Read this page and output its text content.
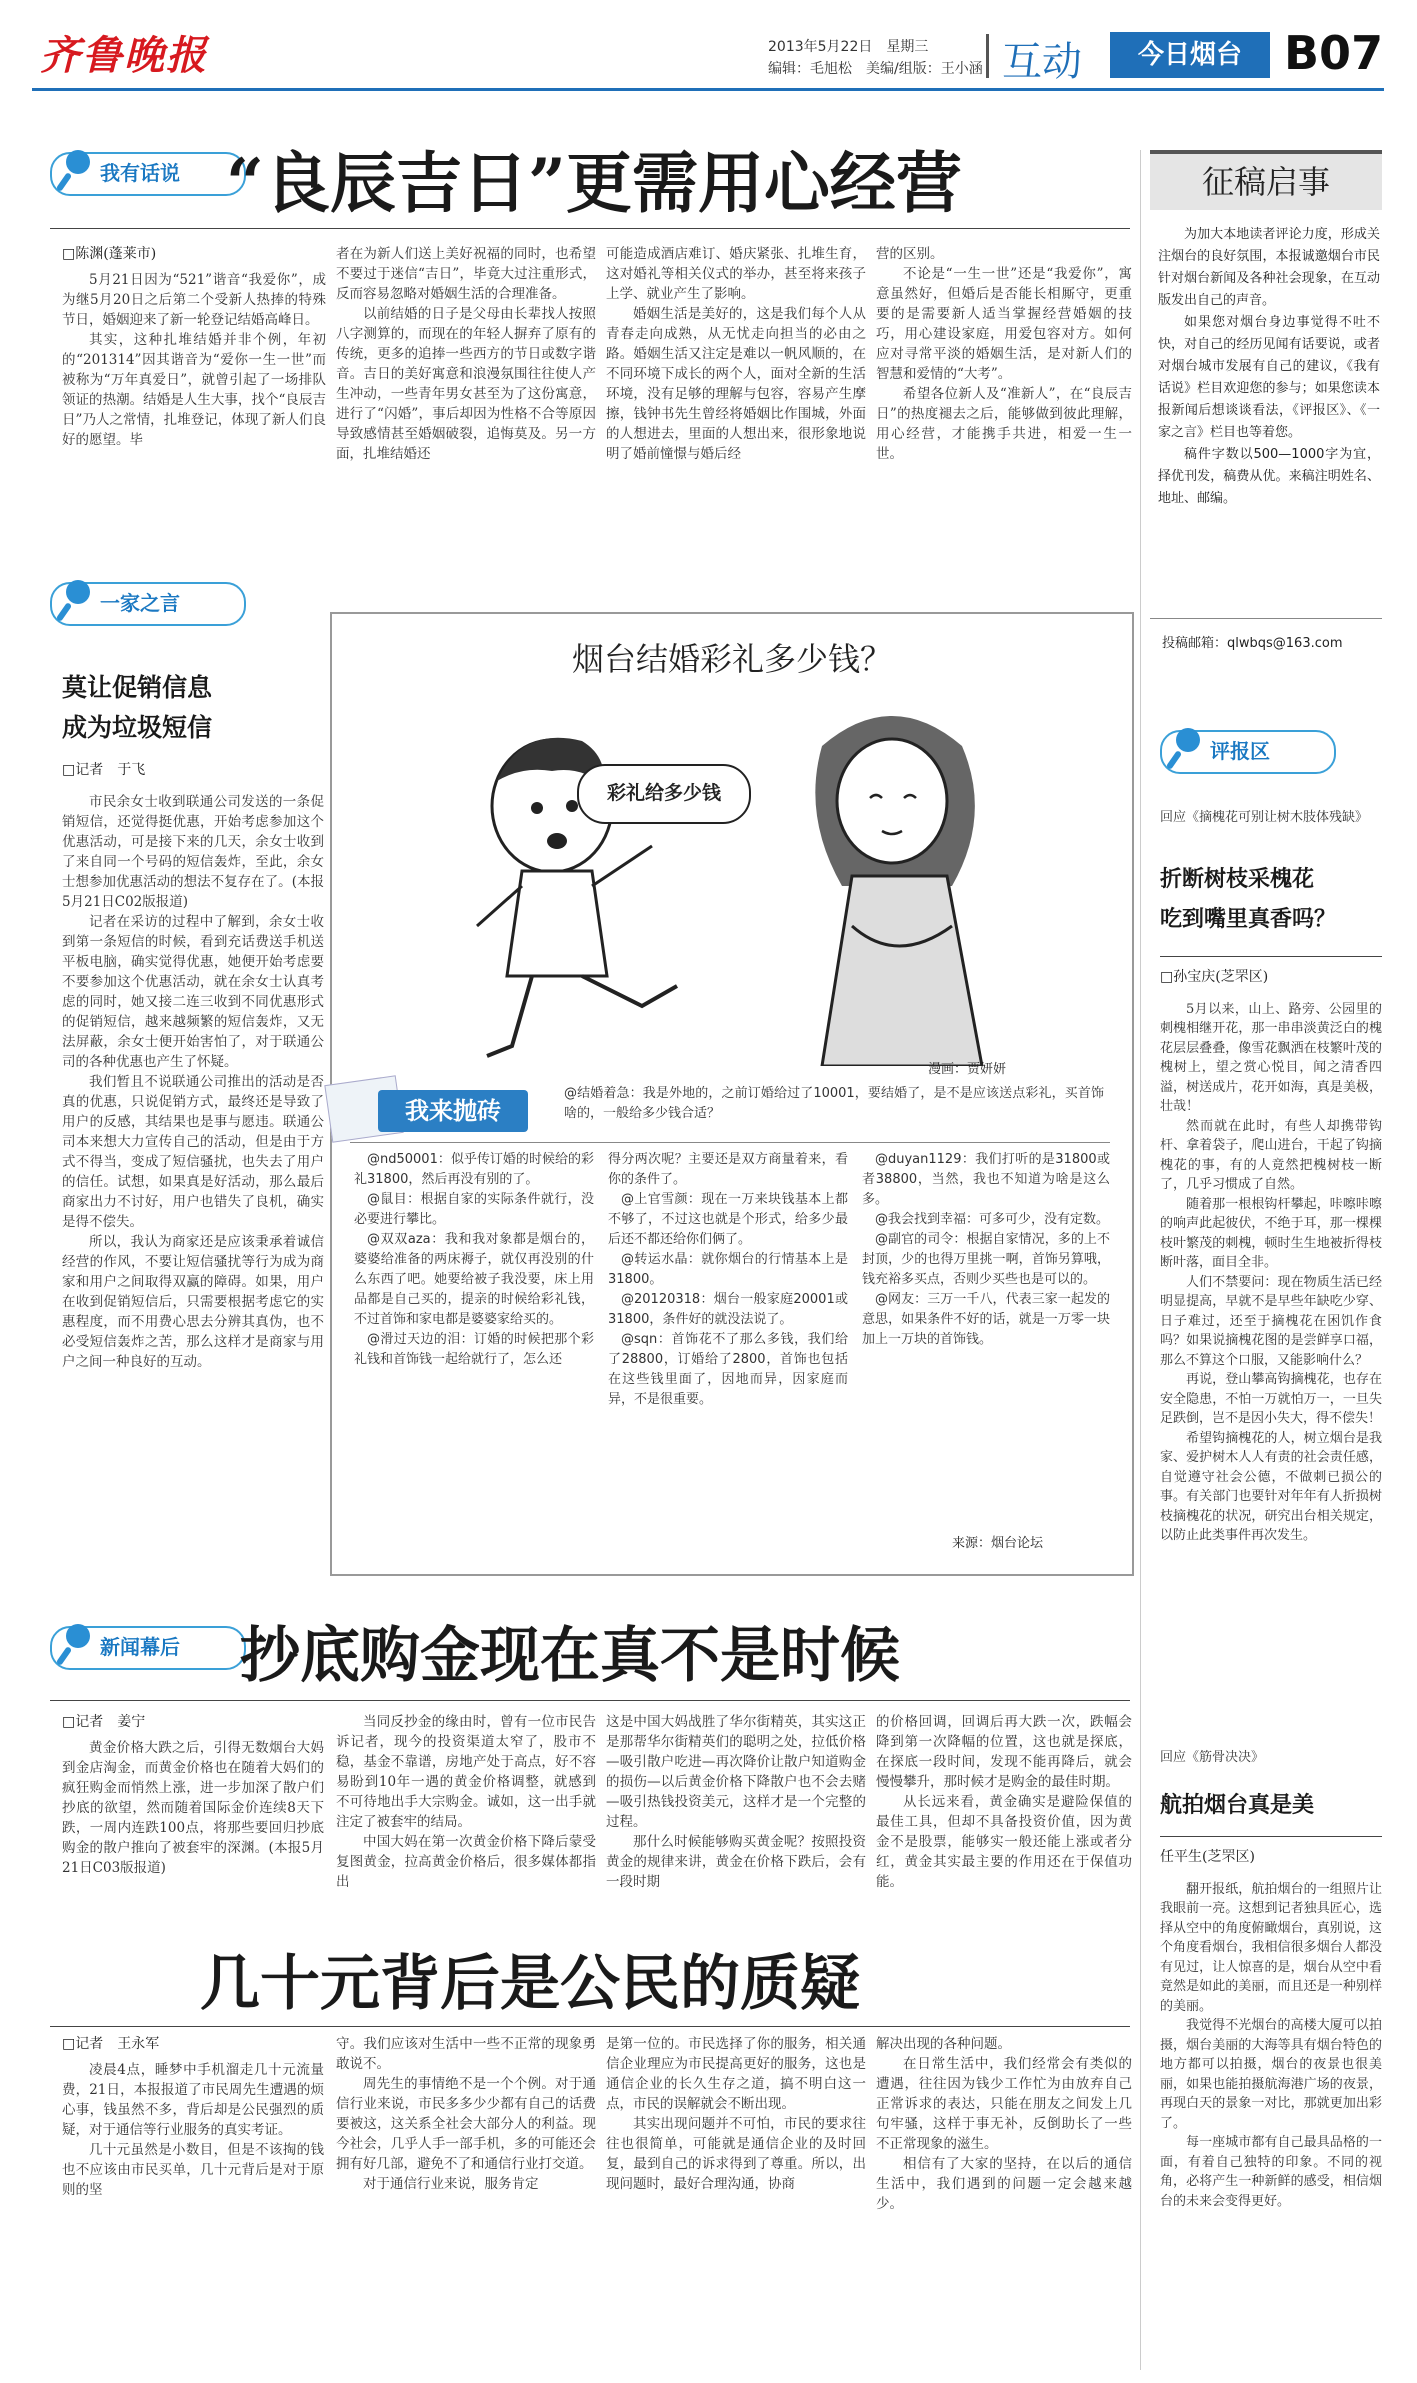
齐鲁晚报	2013年5月22日　星期三
编辑：毛旭松　美编/组版：王小涵 互动	今日烟台 B07
我有话说 “良辰吉日”更需用心经营
□陈渊(蓬莱市)

5月21日因为“521”谐音“我爱你”，成为继5月20日之后第二个受新人热捧的特殊节日，婚姻迎来了新一轮登记结婚高峰日。

其实，这种扎堆结婚并非个例，年初的“201314”因其谐音为“爱你一生一世”而被称为“万年真爱日”，就曾引起了一场排队领证的热潮。结婚是人生大事，找个“良辰吉日”乃人之常情，扎堆登记，体现了新人们良好的愿望。毕

者在为新人们送上美好祝福的同时，也希望不要过于迷信“吉日”，毕竟大过注重形式，反而容易忽略对婚姻生活的合理准备。

以前结婚的日子是父母由长辈找人按照八字测算的，而现在的年轻人摒弃了原有的传统，更多的追捧一些西方的节日或数字谐音。吉日的美好寓意和浪漫氛围往往使人产生冲动，一些青年男女甚至为了这份寓意，进行了“闪婚”，事后却因为性格不合等原因导致感情甚至婚姻破裂，追悔莫及。另一方面，扎堆结婚还

可能造成酒店难订、婚庆紧张、扎堆生育，这对婚礼等相关仪式的举办，甚至将来孩子上学、就业产生了影响。

婚姻生活是美好的，这是我们每个人从青春走向成熟，从无忧走向担当的必由之路。婚姻生活又注定是难以一帆风顺的，在不同环境下成长的两个人，面对全新的生活环境，没有足够的理解与包容，容易产生摩擦，钱钟书先生曾经将婚姻比作围城，外面的人想进去，里面的人想出来，很形象地说明了婚前憧憬与婚后经

营的区别。

不论是“一生一世”还是“我爱你”，寓意虽然好，但婚后是否能长相厮守，更重要的是需要新人适当掌握经营婚姻的技巧，用心建设家庭，用爱包容对方。如何应对寻常平淡的婚姻生活，是对新人们的智慧和爱情的“大考”。

希望各位新人及“准新人”，在“良辰吉日”的热度褪去之后，能够做到彼此理解，用心经营，才能携手共进，相爱一生一世。

征稿启事

为加大本地读者评论力度，形成关注烟台的良好氛围，本报诚邀烟台市民针对烟台新闻及各种社会现象，在互动版发出自己的声音。

如果您对烟台身边事觉得不吐不快，对自己的经历见闻有话要说，或者对烟台城市发展有自己的建议，《我有话说》栏目欢迎您的参与；如果您读本报新闻后想谈谈看法，《评报区》、《一家之言》栏目也等着您。

稿件字数以500—1000字为宜，择优刊发，稿费从优。来稿注明姓名、地址、邮编。

投稿邮箱：qlwbqs@163.com
一家之言
莫让促销信息
成为垃圾短信
□记者　于飞

市民余女士收到联通公司发送的一条促销短信，还觉得挺优惠，开始考虑参加这个优惠活动，可是接下来的几天，余女士收到了来自同一个号码的短信轰炸，至此，余女士想参加优惠活动的想法不复存在了。(本报5月21日C02版报道)

记者在采访的过程中了解到，余女士收到第一条短信的时候，看到充话费送手机送平板电脑，确实觉得优惠，她便开始考虑要不要参加这个优惠活动，就在余女士认真考虑的同时，她又接二连三收到不同优惠形式的促销短信，越来越频繁的短信轰炸，又无法屏蔽，余女士便开始害怕了，对于联通公司的各种优惠也产生了怀疑。

我们暂且不说联通公司推出的活动是否真的优惠，只说促销方式，最终还是导致了用户的反感，其结果也是事与愿违。联通公司本来想大力宣传自己的活动，但是由于方式不得当，变成了短信骚扰，也失去了用户的信任。试想，如果真是好活动，那么最后商家出力不讨好，用户也错失了良机，确实是得不偿失。

所以，我认为商家还是应该秉承着诚信经营的作风，不要让短信骚扰等行为成为商家和用户之间取得双赢的障碍。如果，用户在收到促销短信后，只需要根据考虑它的实惠程度，而不用费心思去分辨其真伪，也不必受短信轰炸之苦，那么这样才是商家与用户之间一种良好的互动。

烟台结婚彩礼多少钱？
彩礼给多少钱
漫画：贾妍妍
我来抛砖
@结婚着急：我是外地的，之前订婚给过了10001，要结婚了，是不是应该送点彩礼，买首饰啥的，一般给多少钱合适？

@nd50001：似乎传订婚的时候给的彩礼31800，然后再没有别的了。

@鼠目：根据自家的实际条件就行，没必要进行攀比。

@双双aza：我和我对象都是烟台的，婆婆给准备的两床褥子，就仅再没别的什么东西了吧。她要给被子我没要，床上用品都是自己买的，提亲的时候给彩礼钱，不过首饰和家电都是婆婆家给买的。

@滑过天边的泪：订婚的时候把那个彩礼钱和首饰钱一起给就行了，怎么还

得分两次呢？主要还是双方商量着来，看你的条件了。

@上官雪颜：现在一万来块钱基本上都不够了，不过这也就是个形式，给多少最后还不都还给你们俩了。

@转运水晶：就你烟台的行情基本上是31800。

@20120318：烟台一般家庭20001或31800，条件好的就没法说了。

@sqn：首饰花不了那么多钱，我们给了28800，订婚给了2800，首饰也包括在这些钱里面了，因地而异，因家庭而异，不是很重要。

@duyan1129：我们打听的是31800或者38800，当然，我也不知道为啥是这么多。

@我会找到幸福：可多可少，没有定数。

@副官的司令：根据自家情况，多的上不封顶，少的也得万里挑一啊，首饰另算哦，钱充裕多买点，否则少买些也是可以的。

@网友：三万一千八，代表三家一起发的意思，如果条件不好的话，就是一万零一块加上一万块的首饰钱。

来源：烟台论坛
新闻幕后	抄底购金现在真不是时候
□记者　姜宁

黄金价格大跌之后，引得无数烟台大妈到金店淘金，而黄金价格也在随着大妈们的疯狂购金而悄然上涨，进一步加深了散户们抄底的欲望，然而随着国际金价连续8天下跌，一周内连跌100点，将那些要回归抄底购金的散户推向了被套牢的深渊。(本报5月21日C03版报道)

当同反抄金的缘由时，曾有一位市民告诉记者，现今的投资渠道太窄了，股市不稳，基金不靠谱，房地产处于高点，好不容易盼到10年一遇的黄金价格调整，就感到不可待地出手大宗购金。诚如，这一出手就注定了被套牢的结局。

中国大妈在第一次黄金价格下降后蒙受复图黄金，拉高黄金价格后，很多媒体都指出

这是中国大妈战胜了华尔街精英，其实这正是那帮华尔街精英们的聪明之处，拉低价格—吸引散户吃进—再次降价让散户知道购金的损伤—以后黄金价格下降散户也不会去赌—吸引热钱投资美元，这样才是一个完整的过程。

那什么时候能够购买黄金呢？按照投资黄金的规律来讲，黄金在价格下跌后，会有一段时期

的价格回调，回调后再大跌一次，跌幅会降到第一次降幅的位置，这也就是探底，在探底一段时间，发现不能再降后，就会慢慢攀升，那时候才是购金的最佳时期。

从长远来看，黄金确实是避险保值的最佳工具，但却不具备投资价值，因为黄金不是股票，能够实一般还能上涨或者分红，黄金其实最主要的作用还在于保值功能。

几十元背后是公民的质疑
□记者　王永军

凌晨4点，睡梦中手机溜走几十元流量费，21日，本报报道了市民周先生遭遇的烦心事，钱虽然不多，背后却是公民强烈的质疑，对于通信等行业服务的真实考证。

几十元虽然是小数目，但是不该掏的钱也不应该由市民买单，几十元背后是对于原则的坚

守。我们应该对生活中一些不正常的现象勇敢说不。

周先生的事情绝不是一个个例。对于通信行业来说，市民多多少少都有自己的话费要被这，这关系全社会大部分人的利益。现今社会，几乎人手一部手机，多的可能还会拥有好几部，避免不了和通信行业打交道。

对于通信行业来说，服务肯定

是第一位的。市民选择了你的服务，相关通信企业理应为市民提高更好的服务，这也是通信企业的长久生存之道，搞不明白这一点，市民的误解就会不断出现。

其实出现问题并不可怕，市民的要求往往也很简单，可能就是通信企业的及时回复，最到自己的诉求得到了尊重。所以，出现问题时，最好合理沟通，协商

解决出现的各种问题。

在日常生活中，我们经常会有类似的遭遇，往往因为钱少工作忙为由放弃自己正常诉求的表达，只能在朋友之间发上几句牢骚，这样于事无补，反倒助长了一些不正常现象的滋生。

相信有了大家的坚持，在以后的通信生活中，我们遇到的问题一定会越来越少。

评报区
回应《摘槐花可别让树木肢体残缺》
折断树枝采槐花
吃到嘴里真香吗？
□孙宝庆(芝罘区)

5月以来，山上、路旁、公园里的刺槐相继开花，那一串串淡黄泛白的槐花层层叠叠，像雪花飘洒在枝繁叶茂的槐树上，望之赏心悦目，闻之清香四溢，树送成片，花开如海，真是美极，壮哉！

然而就在此时，有些人却携带钩杆、拿着袋子，爬山进台，干起了钩摘槐花的事，有的人竟然把槐树枝一断了，几乎习惯成了自然。

随着那一根根钩杆攀起，咔嚓咔嚓的响声此起彼伏，不绝于耳，那一棵棵枝叶繁茂的刺槐，顿时生生地被折得枝断叶落，面目全非。

人们不禁要问：现在物质生活已经明显提高，早就不是早些年缺吃少穿、日子难过，还至于摘槐花在困饥作食吗？如果说摘槐花图的是尝鲜享口福，那么不算这个口服，又能影响什么？

再说，登山攀高钩摘槐花，也存在安全隐患，不怕一万就怕万一，一旦失足跌倒，岂不是因小失大，得不偿失！

希望钩摘槐花的人，树立烟台是我家、爱护树木人人有责的社会责任感，自觉遵守社会公德，不做刺已损公的事。有关部门也要针对年年有人折损树枝摘槐花的状况，研究出台相关规定，以防止此类事件再次发生。

回应《筋骨决决》
航拍烟台真是美
任平生(芝罘区)

翻开报纸，航拍烟台的一组照片让我眼前一亮。这想到记者独具匠心，选择从空中的角度俯瞰烟台，真别说，这个角度看烟台，我相信很多烟台人都没有见过，让人惊喜的是，烟台从空中看竟然是如此的美丽，而且还是一种别样的美丽。

我觉得不光烟台的高楼大厦可以拍摄，烟台美丽的大海等具有烟台特色的地方都可以拍摄，烟台的夜景也很美丽，如果也能拍摄航海港广场的夜景，再现白天的景象一对比，那就更加出彩了。

每一座城市都有自己最具品格的一面，有着自己独特的印象。不同的视角，必将产生一种新鲜的感受，相信烟台的未来会变得更好。
